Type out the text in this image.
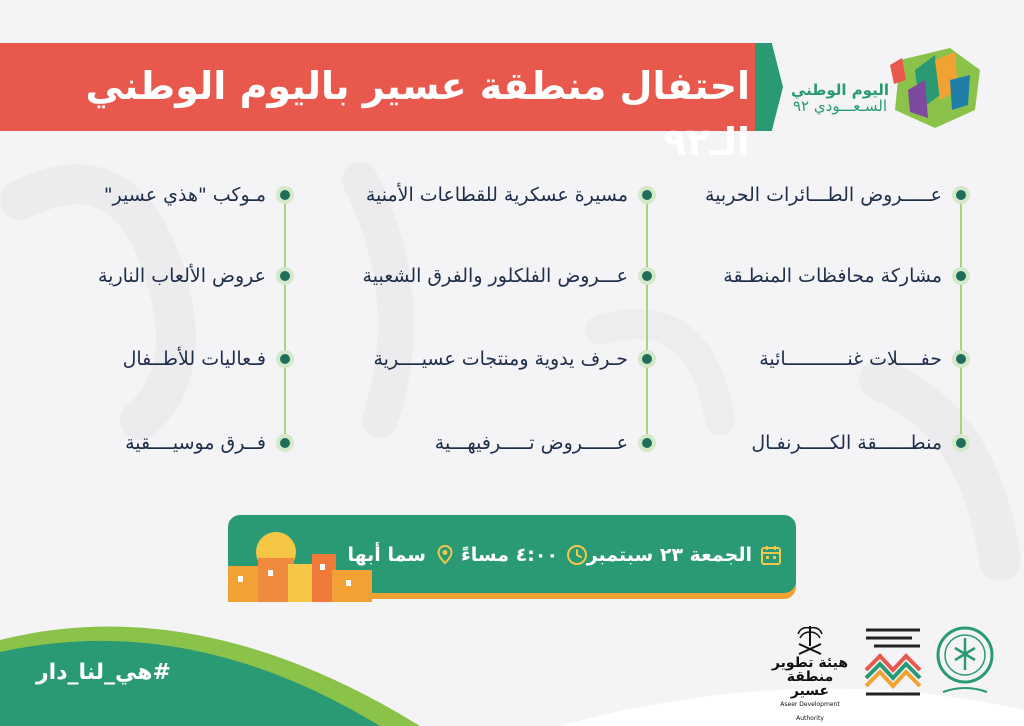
احتفال منطقة عسير باليوم الوطني الـ٩٢
اليوم الوطني
السـعـــودي ٩٢
عـــــروض الطـــائرات الحربية
مشاركة محافظات المنطـقة
حفــــلات غنـــــــــــائية
منطــــــقة الكـــــرنفـال
مسيرة عسكرية للقطاعات الأمنية
عـــروض الفلكلور والفرق الشعبية
حـرف يدوية ومنتجات عسيــــرية
عــــــروض تـــــرفيهـــية
مـوكب "هذي عسير"
عروض الألعاب النارية
فـعاليات للأطــفال
فــرق موسيــــقية
الجمعة ٢٣ سبتمبر
٤:٠٠ مساءً
سما أبها
#هي_لنا_دار	هيئة تطوير
منطقة عسير
Aseer Development Authority
